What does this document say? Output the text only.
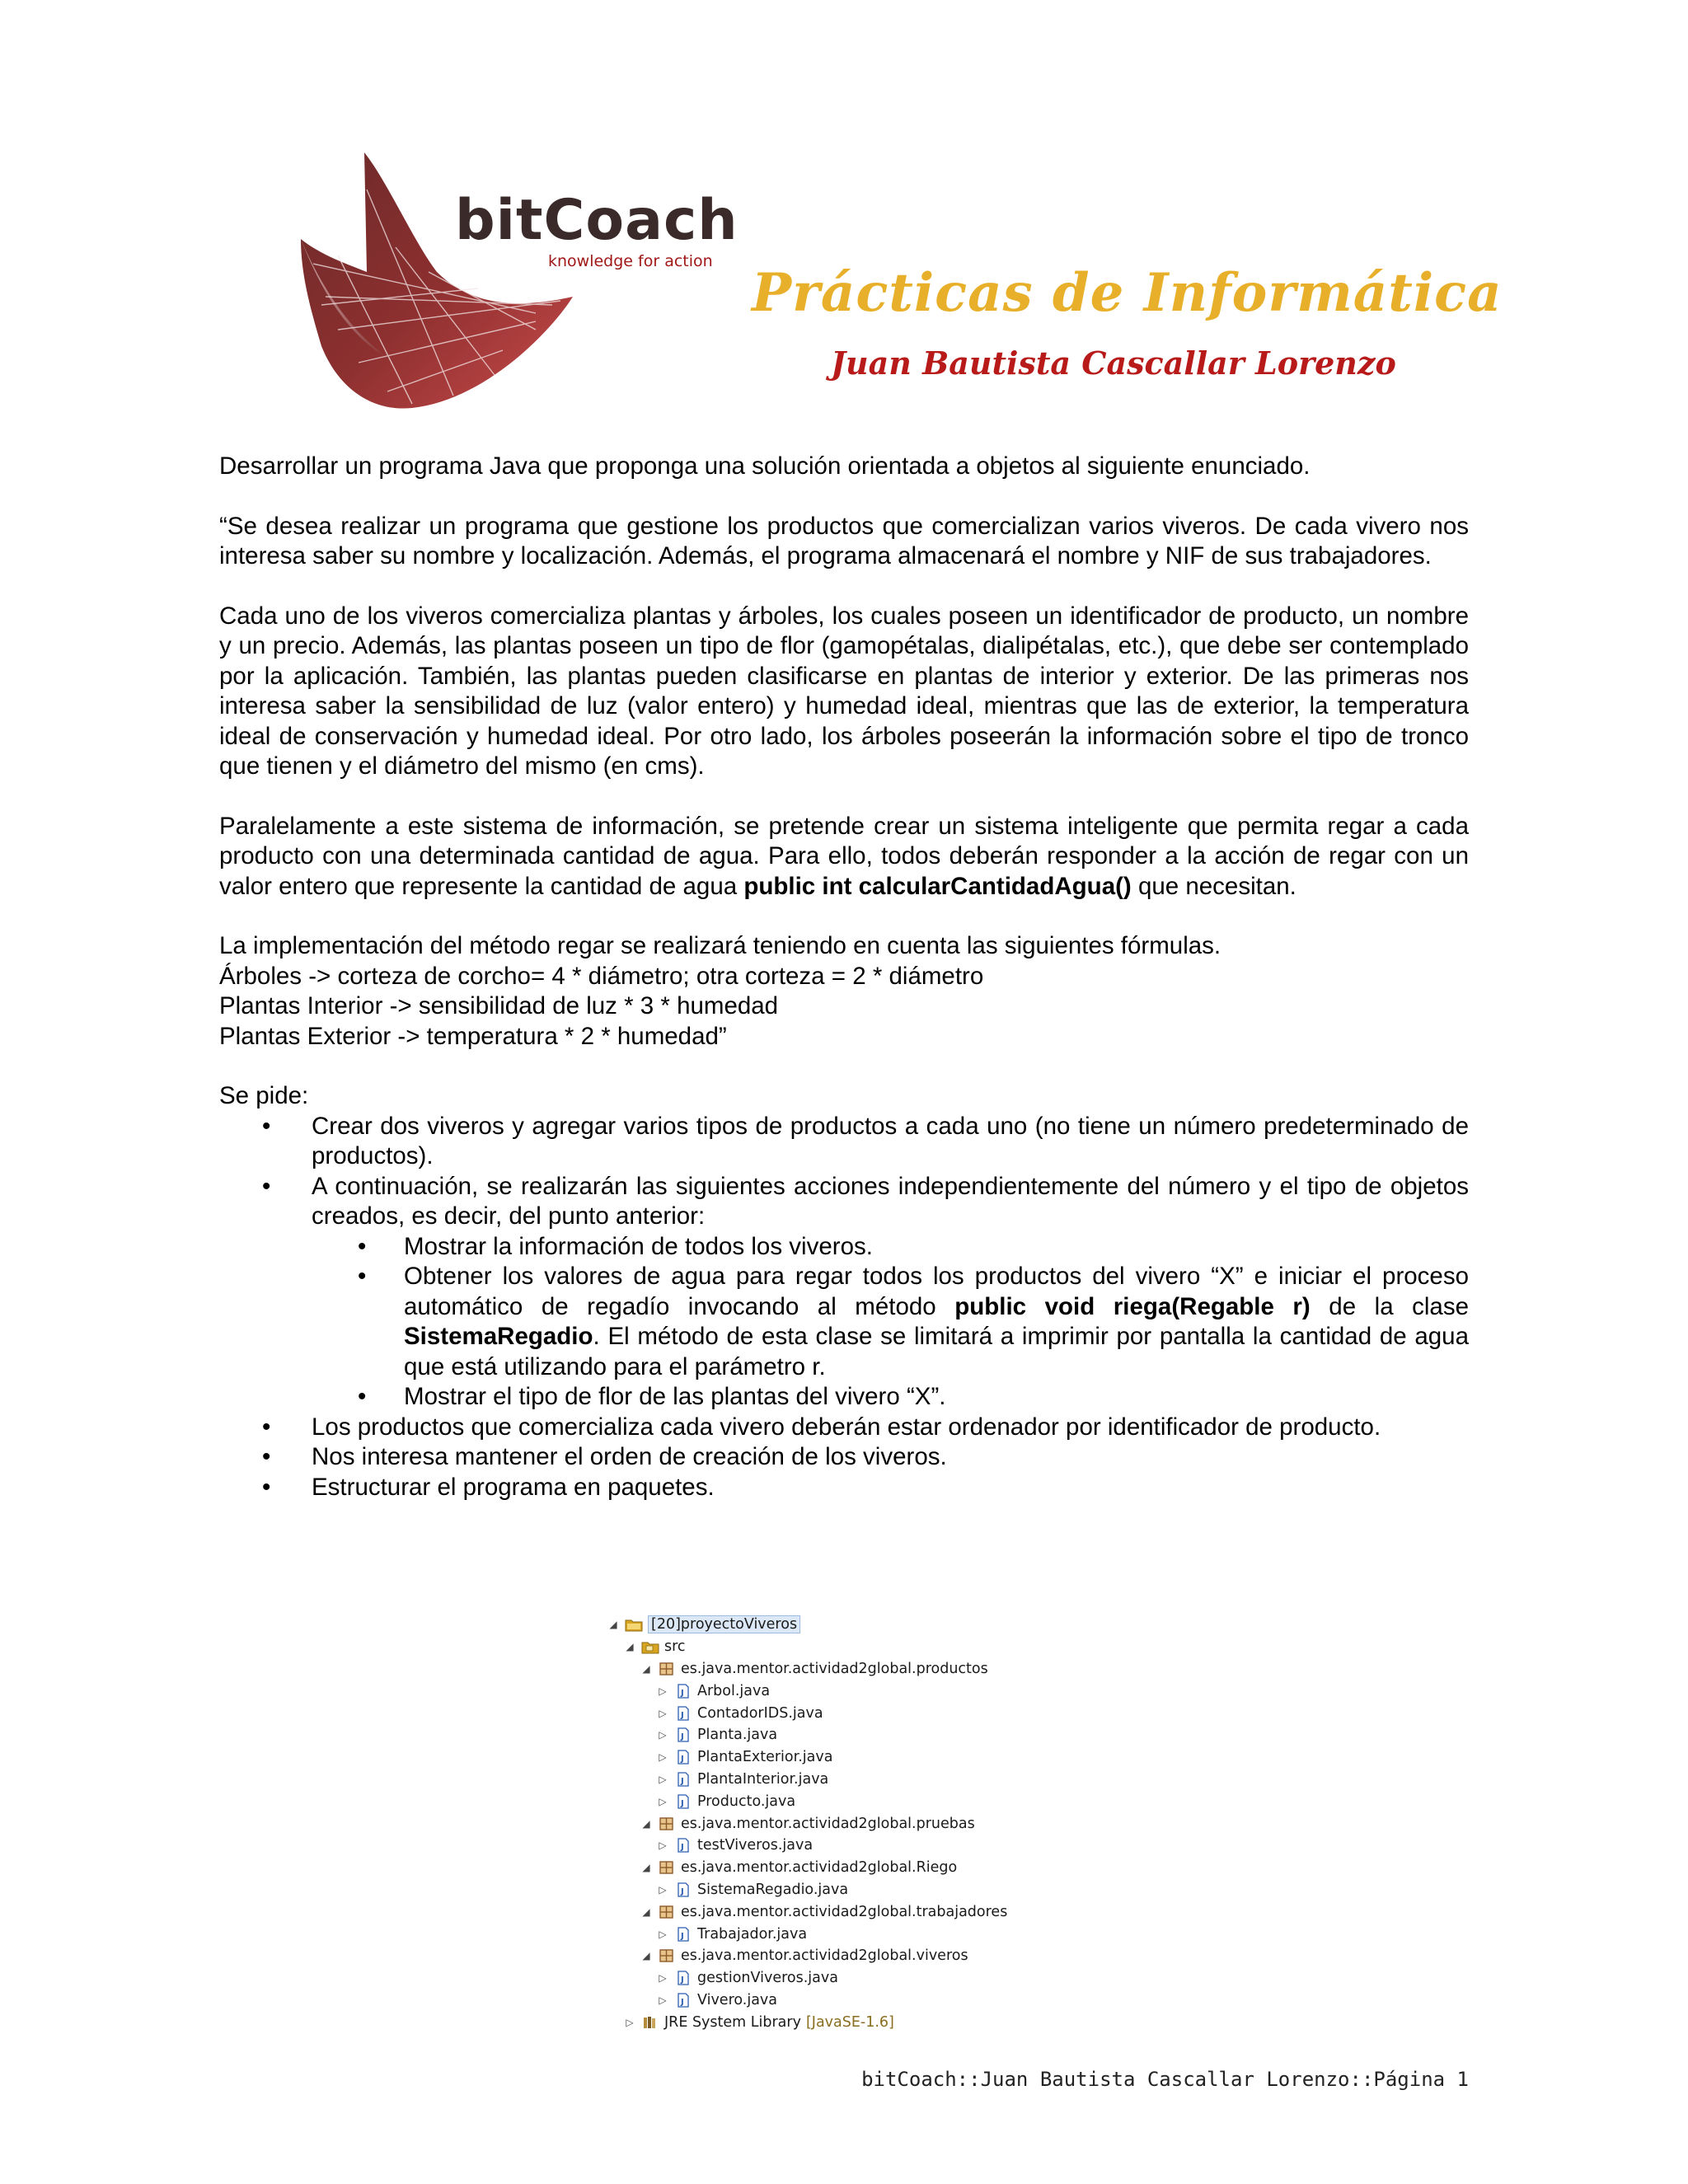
bitCoach
knowledge for action
Prácticas de Informática
Juan Bautista Cascallar Lorenzo

Desarrollar un programa Java que proponga una solución orientada a objetos al siguiente enunciado.

“Se desea realizar un programa que gestione los productos que comercializan varios viveros. De cada vivero nos interesa saber su nombre y localización. Además, el programa almacenará el nombre y NIF de sus trabajadores.

Cada uno de los viveros comercializa plantas y árboles, los cuales poseen un identificador de producto, un nombre y un precio. Además, las plantas poseen un tipo de flor (gamopétalas, dialipétalas, etc.), que debe ser contemplado por la aplicación. También, las plantas pueden clasificarse en plantas de interior y exterior. De las primeras nos interesa saber la sensibilidad de luz (valor entero) y humedad ideal, mientras que las de exterior, la temperatura ideal de conservación y humedad ideal. Por otro lado, los árboles poseerán la información sobre el tipo de tronco que tienen y el diámetro del mismo (en cms).

Paralelamente a este sistema de información, se pretende crear un sistema inteligente que permita regar a cada producto con una determinada cantidad de agua. Para ello, todos deberán responder a la acción de regar con un valor entero que represente la cantidad de agua public int calcularCantidadAgua() que necesitan.

La implementación del método regar se realizará teniendo en cuenta las siguientes fórmulas.

Árboles -> corteza de corcho= 4 * diámetro; otra corteza = 2 * diámetro

Plantas Interior -> sensibilidad de luz * 3 * humedad

Plantas Exterior -> temperatura * 2 * humedad”

Se pide:

• Crear dos viveros y agregar varios tipos de productos a cada uno (no tiene un número predeterminado de productos).
• A continuación, se realizarán las siguientes acciones independientemente del número y el tipo de objetos creados, es decir, del punto anterior:
• Mostrar la información de todos los viveros.
• Obtener los valores de agua para regar todos los productos del vivero “X” e iniciar el proceso automático de regadío invocando al método public void riega(Regable r) de la clase SistemaRegadio. El método de esta clase se limitará a imprimir por pantalla la cantidad de agua que está utilizando para el parámetro r.
• Mostrar el tipo de flor de las plantas del vivero “X”.
• Los productos que comercializa cada vivero deberán estar ordenador por identificador de producto.
• Nos interesa mantener el orden de creación de los viveros.
• Estructurar el programa en paquetes.
◢ [20]proyectoViveros
◢ src
◢ es.java.mentor.actividad2global.productos
▷	J Arbol.java
▷	J ContadorIDS.java
▷	J Planta.java
▷	J PlantaExterior.java
▷	J PlantaInterior.java
▷	J Producto.java
◢ es.java.mentor.actividad2global.pruebas
▷	J testViveros.java
◢ es.java.mentor.actividad2global.Riego
▷	J SistemaRegadio.java
◢ es.java.mentor.actividad2global.trabajadores
▷	J Trabajador.java
◢ es.java.mentor.actividad2global.viveros
▷	J gestionViveros.java
▷	J Vivero.java
▷ JRE System Library [JavaSE-1.6]
bitCoach::Juan Bautista Cascallar Lorenzo::Página 1
